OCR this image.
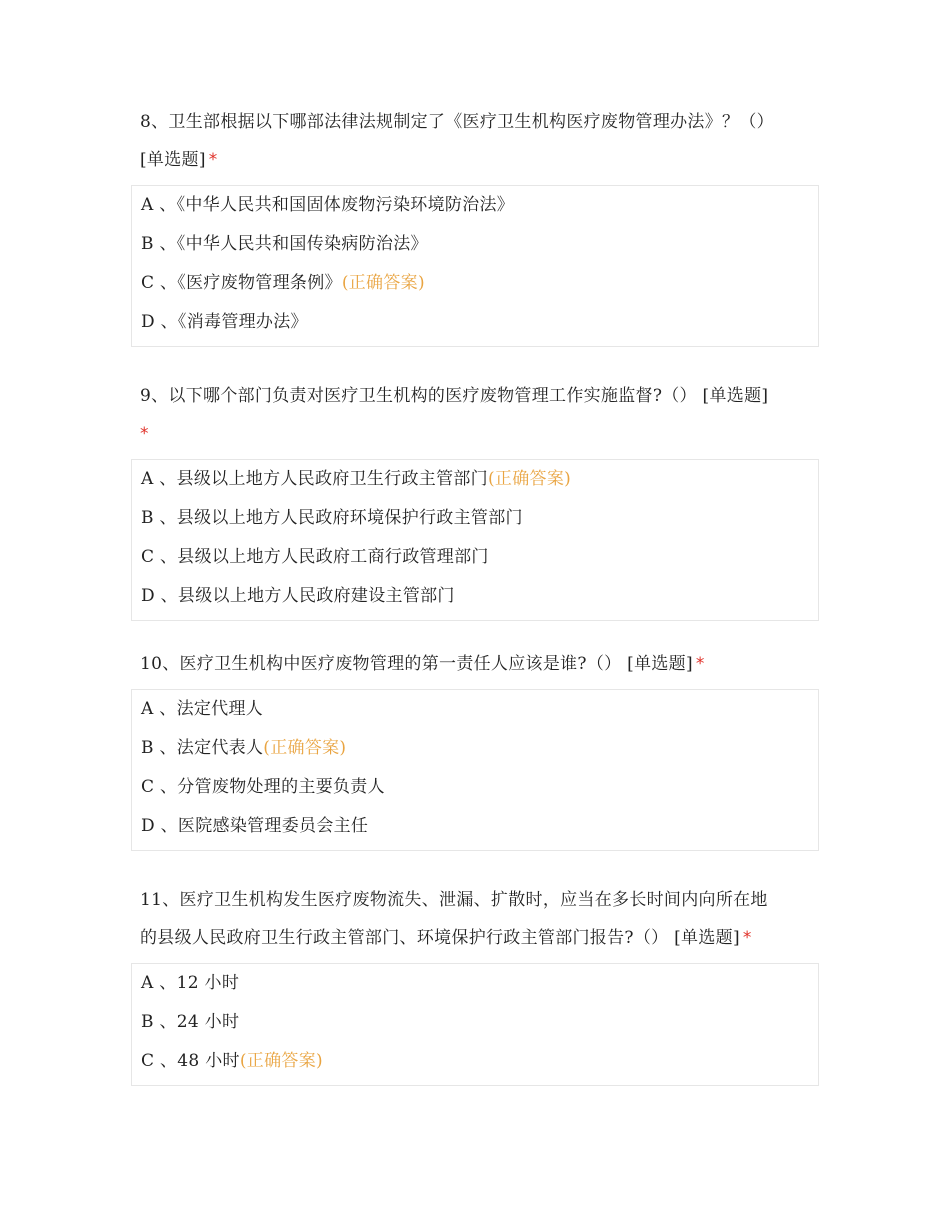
8、卫生部根据以下哪部法律法规制定了《医疗卫生机构医疗废物管理办法》？（）
[单选题] *
A 、《中华人民共和国固体废物污染环境防治法》
B 、《中华人民共和国传染病防治法》
C 、《医疗废物管理条例》(正确答案)
D 、《消毒管理办法》
9、以下哪个部门负责对医疗卫生机构的医疗废物管理工作实施监督?（） [单选题]
*
A 、县级以上地方人民政府卫生行政主管部门(正确答案)
B 、县级以上地方人民政府环境保护行政主管部门
C 、县级以上地方人民政府工商行政管理部门
D 、县级以上地方人民政府建设主管部门
10、医疗卫生机构中医疗废物管理的第一责任人应该是谁?（） [单选题] *
A 、法定代理人
B 、法定代表人(正确答案)
C 、分管废物处理的主要负责人
D 、医院感染管理委员会主任
11、医疗卫生机构发生医疗废物流失、泄漏、扩散时，应当在多长时间内向所在地
的县级人民政府卫生行政主管部门、环境保护行政主管部门报告?（） [单选题] *
A 、12 小时
B 、24 小时
C 、48 小时(正确答案)
